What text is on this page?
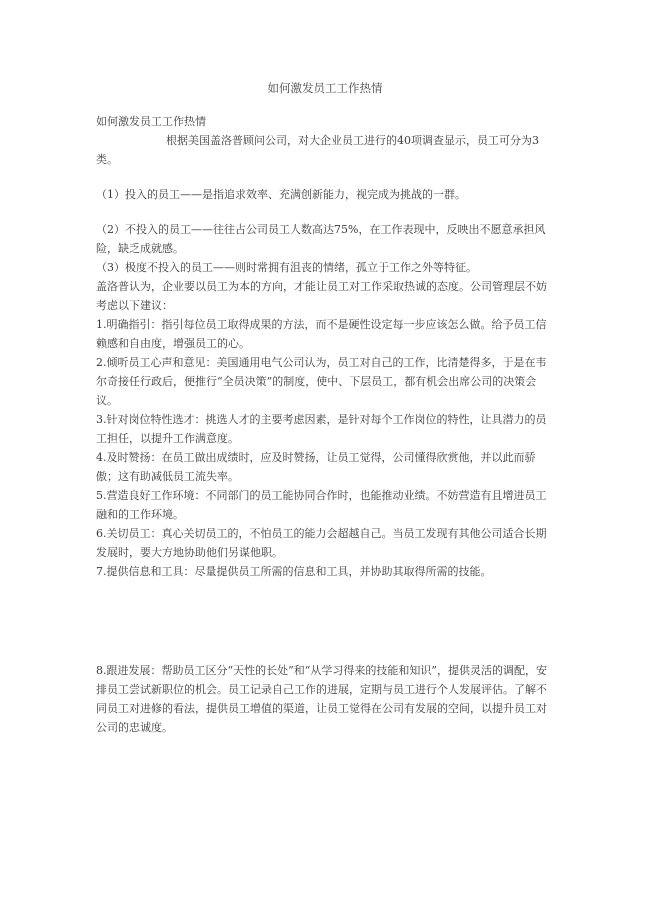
如何激发员工工作热情

如何激发员工工作热情

根据美国盖洛普顾问公司，对大企业员工进行的40项调查显示，员工可分为3类。

（1）投入的员工——是指追求效率、充满创新能力，视完成为挑战的一群。

（2）不投入的员工——往往占公司员工人数高达75%，在工作表现中，反映出不愿意承担风险，缺乏成就感。

（3）极度不投入的员工——则时常拥有沮丧的情绪，孤立于工作之外等特征。

盖洛普认为，企业要以员工为本的方向，才能让员工对工作采取热诚的态度。公司管理层不妨考虑以下建议：

1.明确指引：指引每位员工取得成果的方法，而不是硬性设定每一步应该怎么做。给予员工信赖感和自由度，增强员工的心。

2.倾听员工心声和意见：美国通用电气公司认为，员工对自己的工作，比清楚得多，于是在韦尔奇接任行政后，便推行“全员决策”的制度，使中、下层员工，都有机会出席公司的决策会议。

3.针对岗位特性选才：挑选人才的主要考虑因素，是针对每个工作岗位的特性，让具潜力的员工担任，以提升工作满意度。

4.及时赞扬：在员工做出成绩时，应及时赞扬，让员工觉得，公司懂得欣赏他，并以此而骄傲；这有助减低员工流失率。

5.营造良好工作环境：不同部门的员工能协同合作时，也能推动业绩。不妨营造有且增进员工融和的工作环境。

6.关切员工：真心关切员工的，不怕员工的能力会超越自己。当员工发现有其他公司适合长期发展时，要大方地协助他们另谋他职。

7.提供信息和工具：尽量提供员工所需的信息和工具，并协助其取得所需的技能。

8.跟进发展：帮助员工区分“天性的长处”和“从学习得来的技能和知识”，提供灵活的调配，安排员工尝试新职位的机会。员工记录自己工作的进展，定期与员工进行个人发展评估。了解不同员工对进修的看法，提供员工增值的渠道，让员工觉得在公司有发展的空间，以提升员工对公司的忠诚度。
